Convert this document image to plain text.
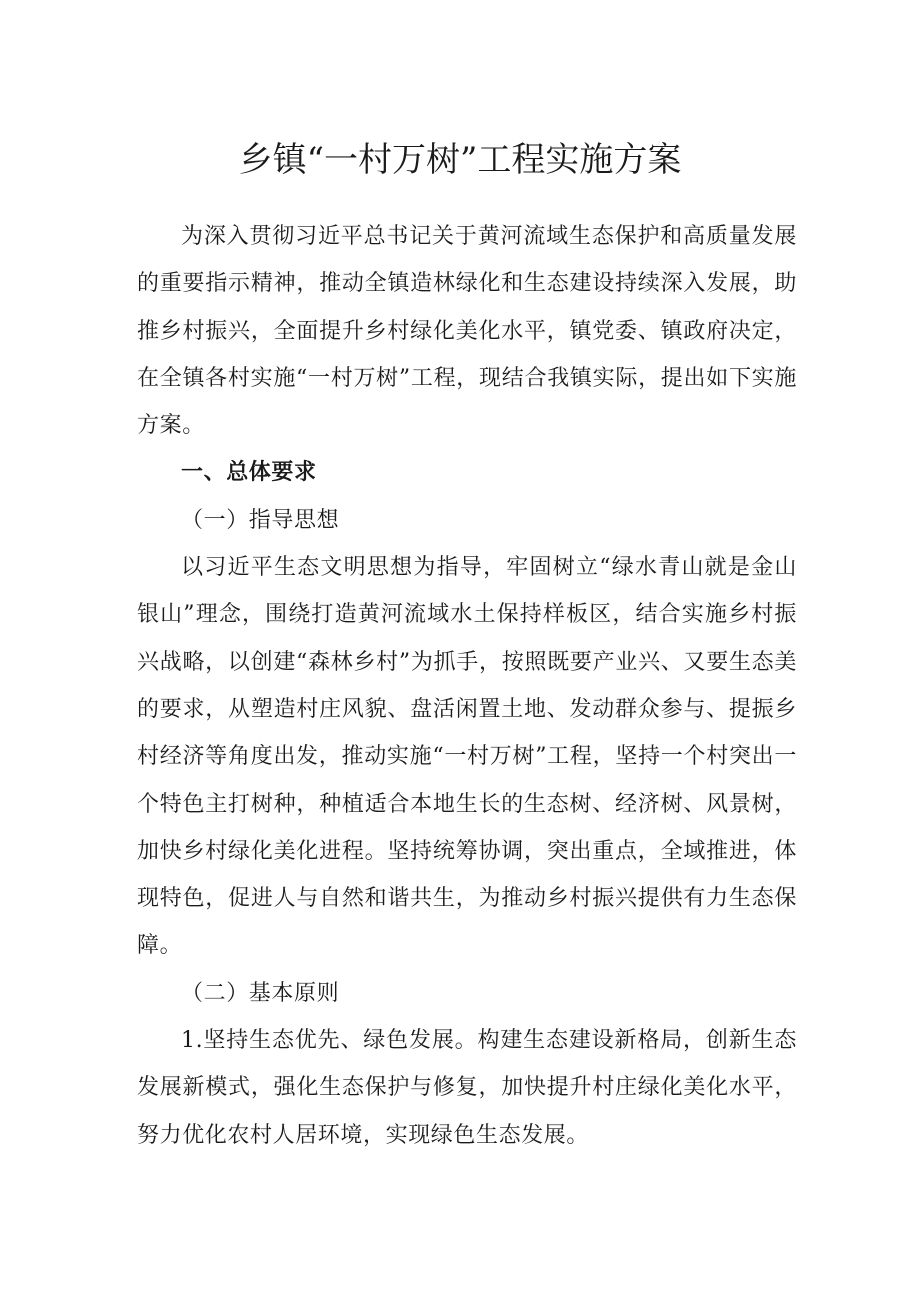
乡镇“一村万树”工程实施方案

为深入贯彻习近平总书记关于黄河流域生态保护和高质量发展的重要指示精神，推动全镇造林绿化和生态建设持续深入发展，助推乡村振兴，全面提升乡村绿化美化水平，镇党委、镇政府决定，在全镇各村实施“一村万树”工程，现结合我镇实际，提出如下实施方案。

一、总体要求

（一）指导思想

以习近平生态文明思想为指导，牢固树立“绿水青山就是金山银山”理念，围绕打造黄河流域水土保持样板区，结合实施乡村振兴战略，以创建“森林乡村”为抓手，按照既要产业兴、又要生态美的要求，从塑造村庄风貌、盘活闲置土地、发动群众参与、提振乡村经济等角度出发，推动实施“一村万树”工程，坚持一个村突出一个特色主打树种，种植适合本地生长的生态树、经济树、风景树，加快乡村绿化美化进程。坚持统筹协调，突出重点，全域推进，体现特色，促进人与自然和谐共生，为推动乡村振兴提供有力生态保障。

（二）基本原则

1.坚持生态优先、绿色发展。构建生态建设新格局，创新生态发展新模式，强化生态保护与修复，加快提升村庄绿化美化水平，努力优化农村人居环境，实现绿色生态发展。
